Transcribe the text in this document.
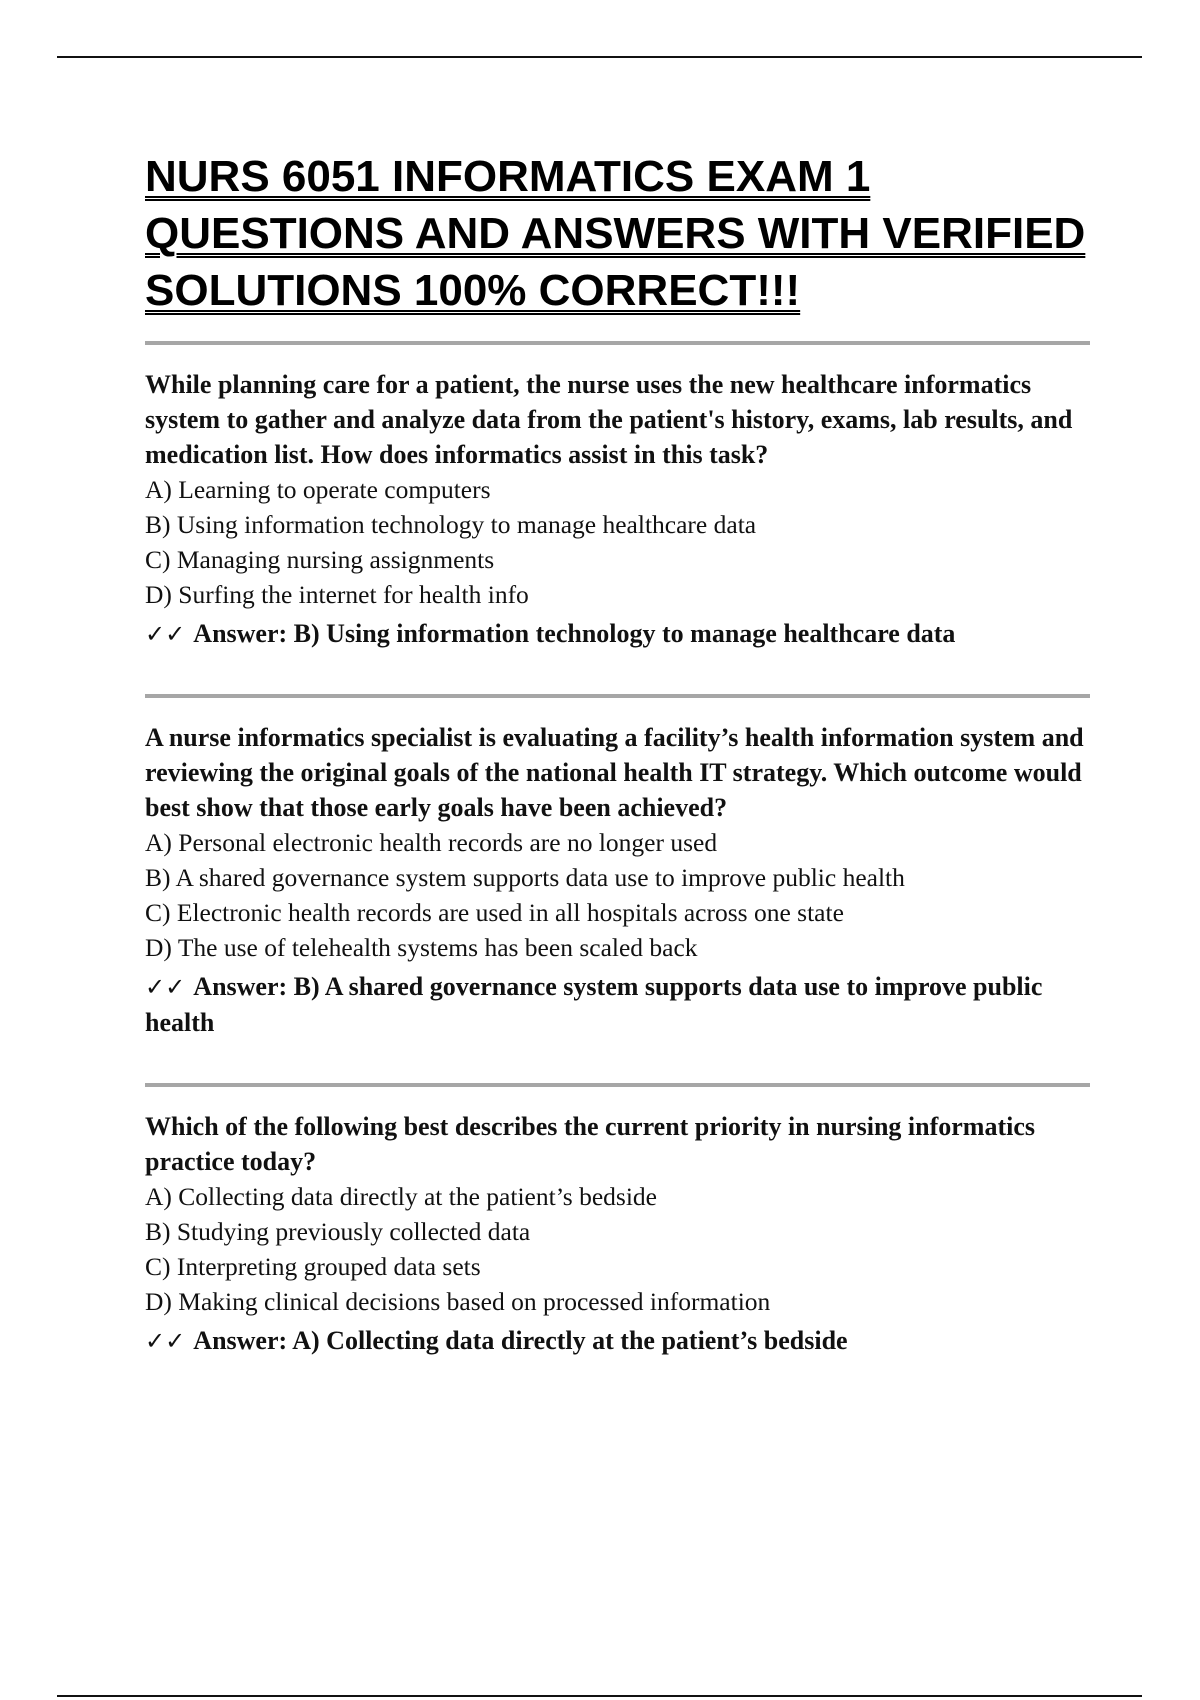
NURS 6051 INFORMATICS EXAM 1 QUESTIONS AND ANSWERS WITH VERIFIED SOLUTIONS 100% CORRECT!!!

While planning care for a patient, the nurse uses the new healthcare informatics system to gather and analyze data from the patient's history, exams, lab results, and medication list. How does informatics assist in this task?

A) Learning to operate computers
B) Using information technology to manage healthcare data
C) Managing nursing assignments
D) Surfing the internet for health info

✓✓ Answer: B) Using information technology to manage healthcare data

A nurse informatics specialist is evaluating a facility’s health information system and reviewing the original goals of the national health IT strategy. Which outcome would best show that those early goals have been achieved?

A) Personal electronic health records are no longer used
B) A shared governance system supports data use to improve public health
C) Electronic health records are used in all hospitals across one state
D) The use of telehealth systems has been scaled back

✓✓ Answer: B) A shared governance system supports data use to improve public health

Which of the following best describes the current priority in nursing informatics practice today?

A) Collecting data directly at the patient’s bedside
B) Studying previously collected data
C) Interpreting grouped data sets
D) Making clinical decisions based on processed information

✓✓ Answer: A) Collecting data directly at the patient’s bedside
